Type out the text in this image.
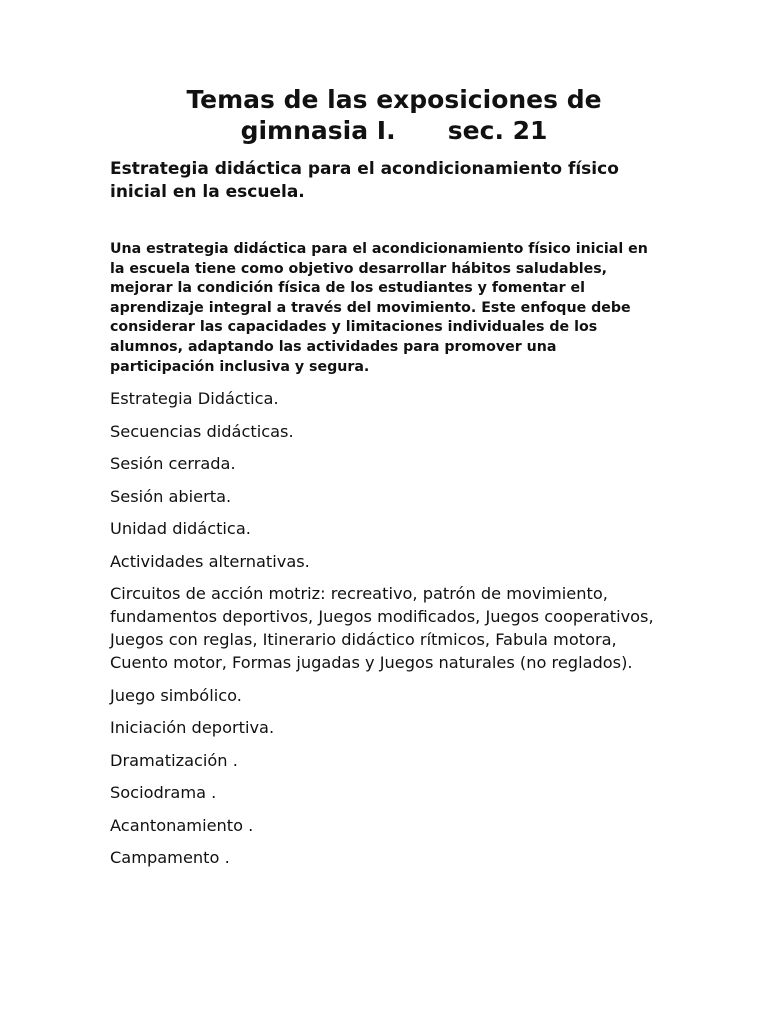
Temas de las exposiciones de
gimnasia I.      sec. 21

Estrategia didáctica para el acondicionamiento físico inicial en la escuela.

Una estrategia didáctica para el acondicionamiento físico inicial en la escuela tiene como objetivo desarrollar hábitos saludables, mejorar la condición física de los estudiantes y fomentar el aprendizaje integral a través del movimiento. Este enfoque debe considerar las capacidades y limitaciones individuales de los alumnos, adaptando las actividades para promover una participación inclusiva y segura.

Estrategia Didáctica.
Secuencias didácticas.
Sesión cerrada.
Sesión abierta.
Unidad didáctica.
Actividades alternativas.
Circuitos de acción motriz: recreativo, patrón de movimiento, fundamentos deportivos, Juegos modificados, Juegos cooperativos, Juegos con reglas, Itinerario didáctico rítmicos, Fabula motora, Cuento motor, Formas jugadas y Juegos naturales (no reglados).
Juego simbólico.
Iniciación deportiva.
Dramatización .
Sociodrama .
Acantonamiento .
Campamento .
